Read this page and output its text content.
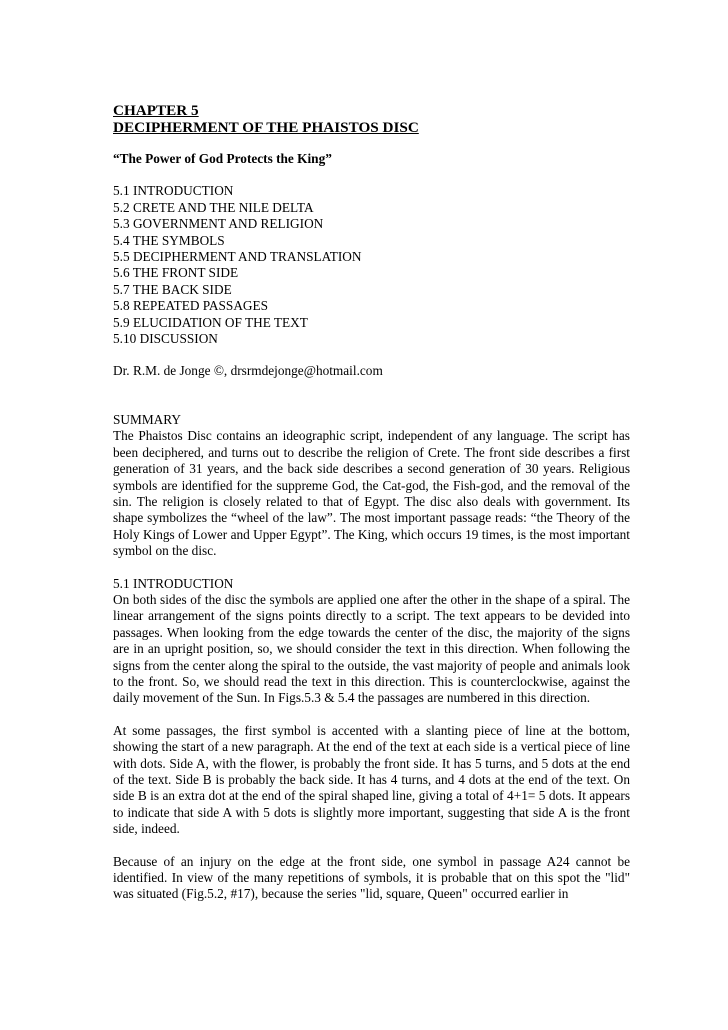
CHAPTER 5
DECIPHERMENT OF THE PHAISTOS DISC
“The Power of God Protects the King”
5.1 INTRODUCTION
5.2 CRETE AND THE NILE DELTA
5.3 GOVERNMENT AND RELIGION
5.4 THE SYMBOLS
5.5 DECIPHERMENT AND TRANSLATION
5.6 THE FRONT SIDE
5.7 THE BACK SIDE
5.8 REPEATED PASSAGES
5.9 ELUCIDATION OF THE TEXT
5.10 DISCUSSION
Dr. R.M. de Jonge ©, drsrmdejonge@hotmail.com
SUMMARY

The Phaistos Disc contains an ideographic script, independent of any language. The script has been deciphered, and turns out to describe the religion of Crete. The front side describes a first generation of 31 years, and the back side describes a second generation of 30 years. Religious symbols are identified for the suppreme God, the Cat-god, the Fish-god, and the removal of the sin. The religion is closely related to that of Egypt. The disc also deals with government. Its shape symbolizes the “wheel of the law”. The most important passage reads: “the Theory of the Holy Kings of Lower and Upper Egypt”. The King, which occurs 19 times, is the most important symbol on the disc.

5.1 INTRODUCTION

On both sides of the disc the symbols are applied one after the other in the shape of a spiral. The linear arrangement of the signs points directly to a script. The text appears to be devided into passages. When looking from the edge towards the center of the disc, the majority of the signs are in an upright position, so, we should consider the text in this direction. When following the signs from the center along the spiral to the outside, the vast majority of people and animals look to the front. So, we should read the text in this direction. This is counterclockwise, against the daily movement of the Sun. In Figs.5.3 & 5.4 the passages are numbered in this direction.

At some passages, the first symbol is accented with a slanting piece of line at the bottom, showing the start of a new paragraph. At the end of the text at each side is a vertical piece of line with dots. Side A, with the flower, is probably the front side. It has 5 turns, and 5 dots at the end of the text. Side B is probably the back side. It has 4 turns, and 4 dots at the end of the text. On side B is an extra dot at the end of the spiral shaped line, giving a total of 4+1= 5 dots. It appears to indicate that side A with 5 dots is slightly more important, suggesting that side A is the front side, indeed.

Because of an injury on the edge at the front side, one symbol in passage A24 cannot be identified. In view of the many repetitions of symbols, it is probable that on this spot the "lid" was situated (Fig.5.2, #17), because the series "lid, square, Queen" occurred earlier in
